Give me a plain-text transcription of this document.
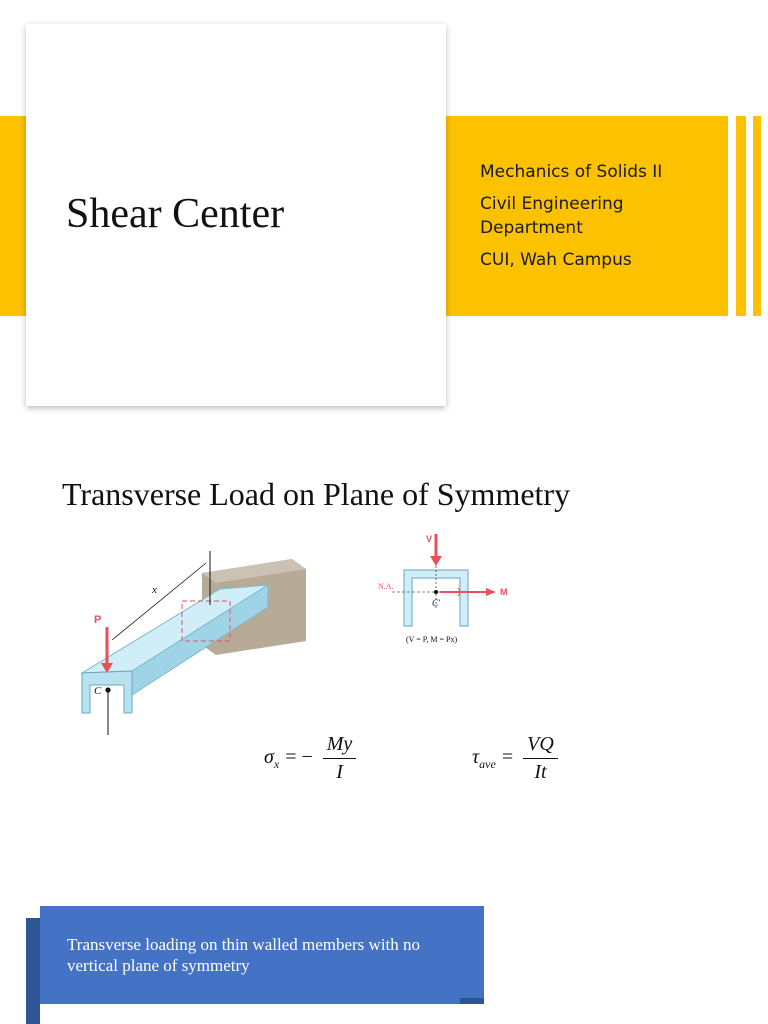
Shear Center
Mechanics of Solids II
Civil Engineering Department
CUI, Wah Campus
Transverse Load on Plane of Symmetry
C
x
P
V
N.A.
C'
M
(V = P, M = Px)
$\sigma_x$ = − $\frac{My}{I}$	$\tau_{ave} = \frac{VQ}{It}$
Transverse loading on thin walled members with no vertical plane of symmetry
